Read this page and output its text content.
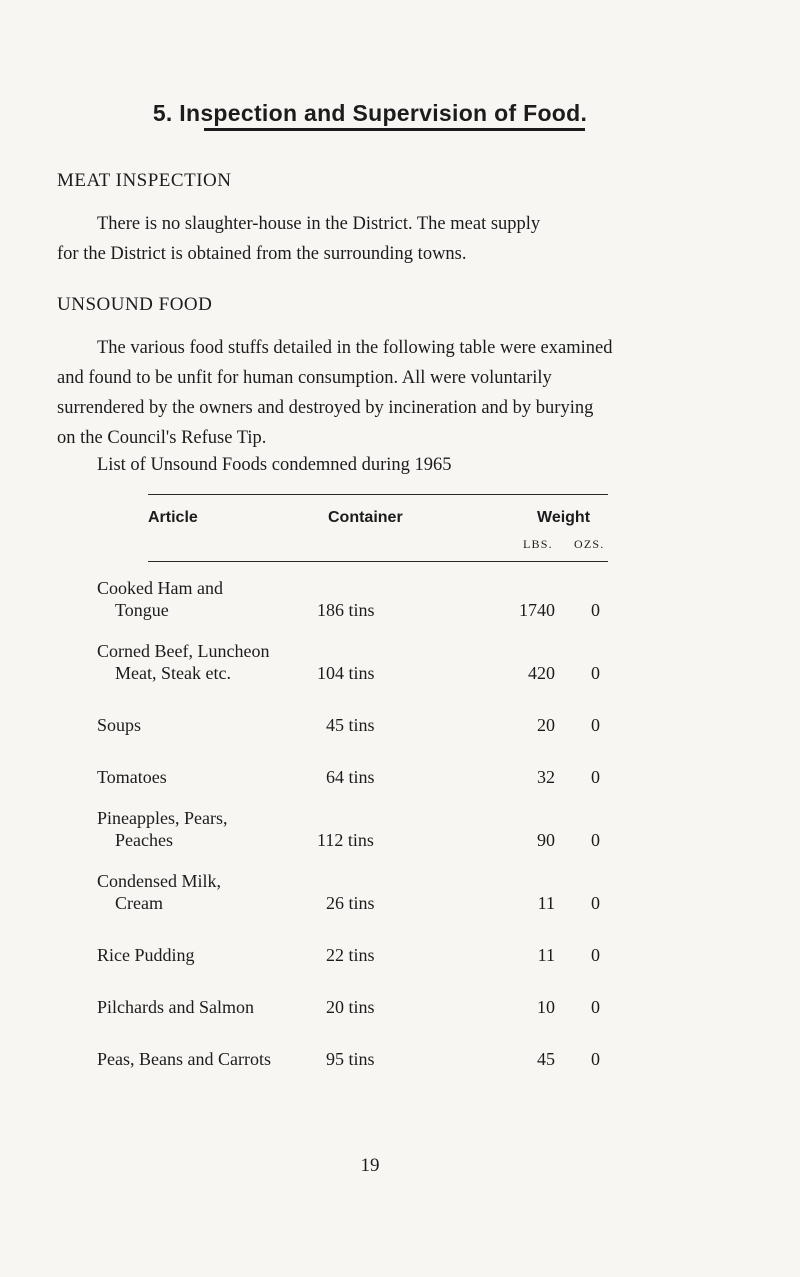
5. Inspection and Supervision of Food.
MEAT INSPECTION
There is no slaughter-house in the District. The meat supply
for the District is obtained from the surrounding towns.
UNSOUND FOOD
The various food stuffs detailed in the following table were examined
and found to be unfit for human consumption. All were voluntarily
surrendered by the owners and destroyed by incineration and by burying
on the Council's Refuse Tip.
List of Unsound Foods condemned during 1965
Article	Container	Weight
LBS. OZS.
Cooked Ham and
Tongue	186 tins	1740	0
Corned Beef, Luncheon
Meat, Steak etc.	104 tins	420	0
Soups	45 tins	20	0
Tomatoes	64 tins	32	0
Pineapples, Pears,
Peaches	112 tins	90	0
Condensed Milk,
Cream	26 tins	11	0
Rice Pudding	22 tins	11	0
Pilchards and Salmon	20 tins	10	0
Peas, Beans and Carrots	95 tins	45	0
19
